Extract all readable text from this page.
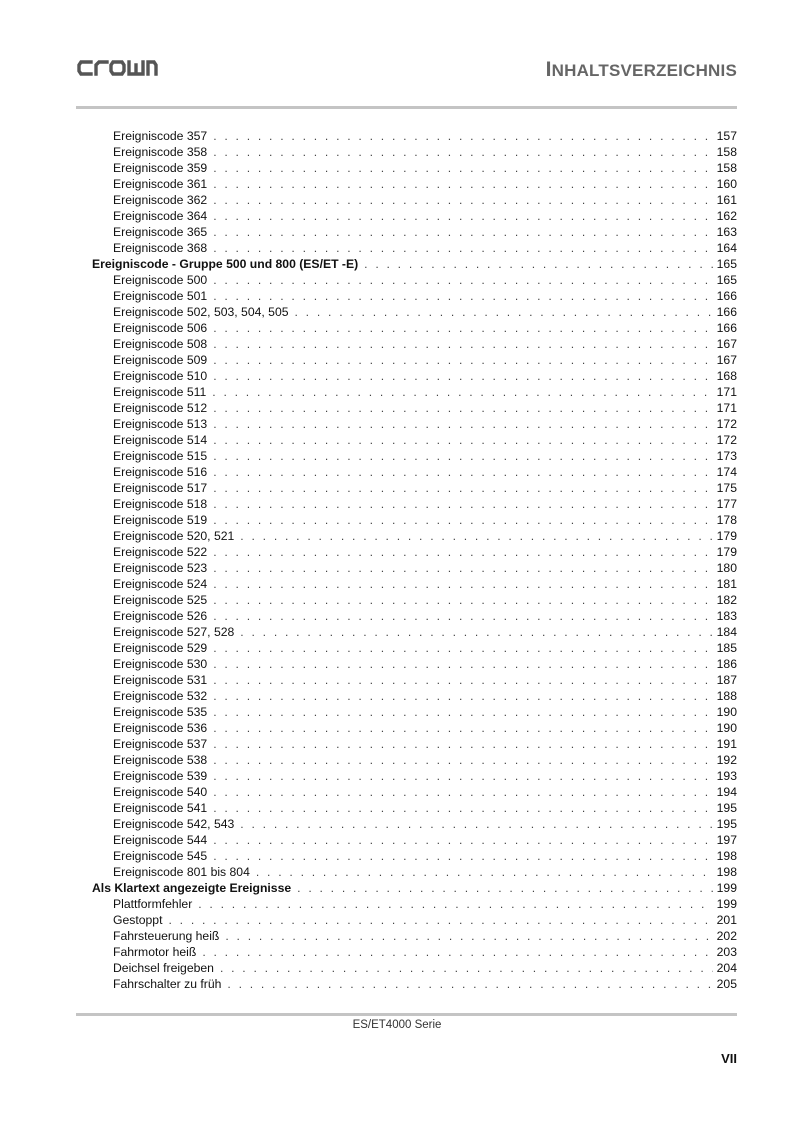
INHALTSVERZEICHNIS
Ereigniscode 357 . . .	157
Ereigniscode 358 . . .	158
Ereigniscode 359 . . .	158
Ereigniscode 361 . . .	160
Ereigniscode 362 . . .	161
Ereigniscode 364 . . .	162
Ereigniscode 365 . . .	163
Ereigniscode 368 . . .	164
Ereigniscode - Gruppe 500 und 800 (ES/ET -E) . . .	165
Ereigniscode 500 . . .	165
Ereigniscode 501 . . .	166
Ereigniscode 502, 503, 504, 505 . . .	166
Ereigniscode 506 . . .	166
Ereigniscode 508 . . .	167
Ereigniscode 509 . . .	167
Ereigniscode 510 . . .	168
Ereigniscode 511 . . .	171
Ereigniscode 512 . . .	171
Ereigniscode 513 . . .	172
Ereigniscode 514 . . .	172
Ereigniscode 515 . . .	173
Ereigniscode 516 . . .	174
Ereigniscode 517 . . .	175
Ereigniscode 518 . . .	177
Ereigniscode 519 . . .	178
Ereigniscode 520, 521 . . .	179
Ereigniscode 522 . . .	179
Ereigniscode 523 . . .	180
Ereigniscode 524 . . .	181
Ereigniscode 525 . . .	182
Ereigniscode 526 . . .	183
Ereigniscode 527, 528 . . .	184
Ereigniscode 529 . . .	185
Ereigniscode 530 . . .	186
Ereigniscode 531 . . .	187
Ereigniscode 532 . . .	188
Ereigniscode 535 . . .	190
Ereigniscode 536 . . .	190
Ereigniscode 537 . . .	191
Ereigniscode 538 . . .	192
Ereigniscode 539 . . .	193
Ereigniscode 540 . . .	194
Ereigniscode 541 . . .	195
Ereigniscode 542, 543 . . .	195
Ereigniscode 544 . . .	197
Ereigniscode 545 . . .	198
Ereigniscode 801 bis 804 . . .	198
Als Klartext angezeigte Ereignisse . . .	199
Plattformfehler . . .	199
Gestoppt . . .	201
Fahrsteuerung heiß . . .	202
Fahrmotor heiß . . .	203
Deichsel freigeben . . .	204
Fahrschalter zu früh . . .	205
ES/ET4000 Serie
VII
